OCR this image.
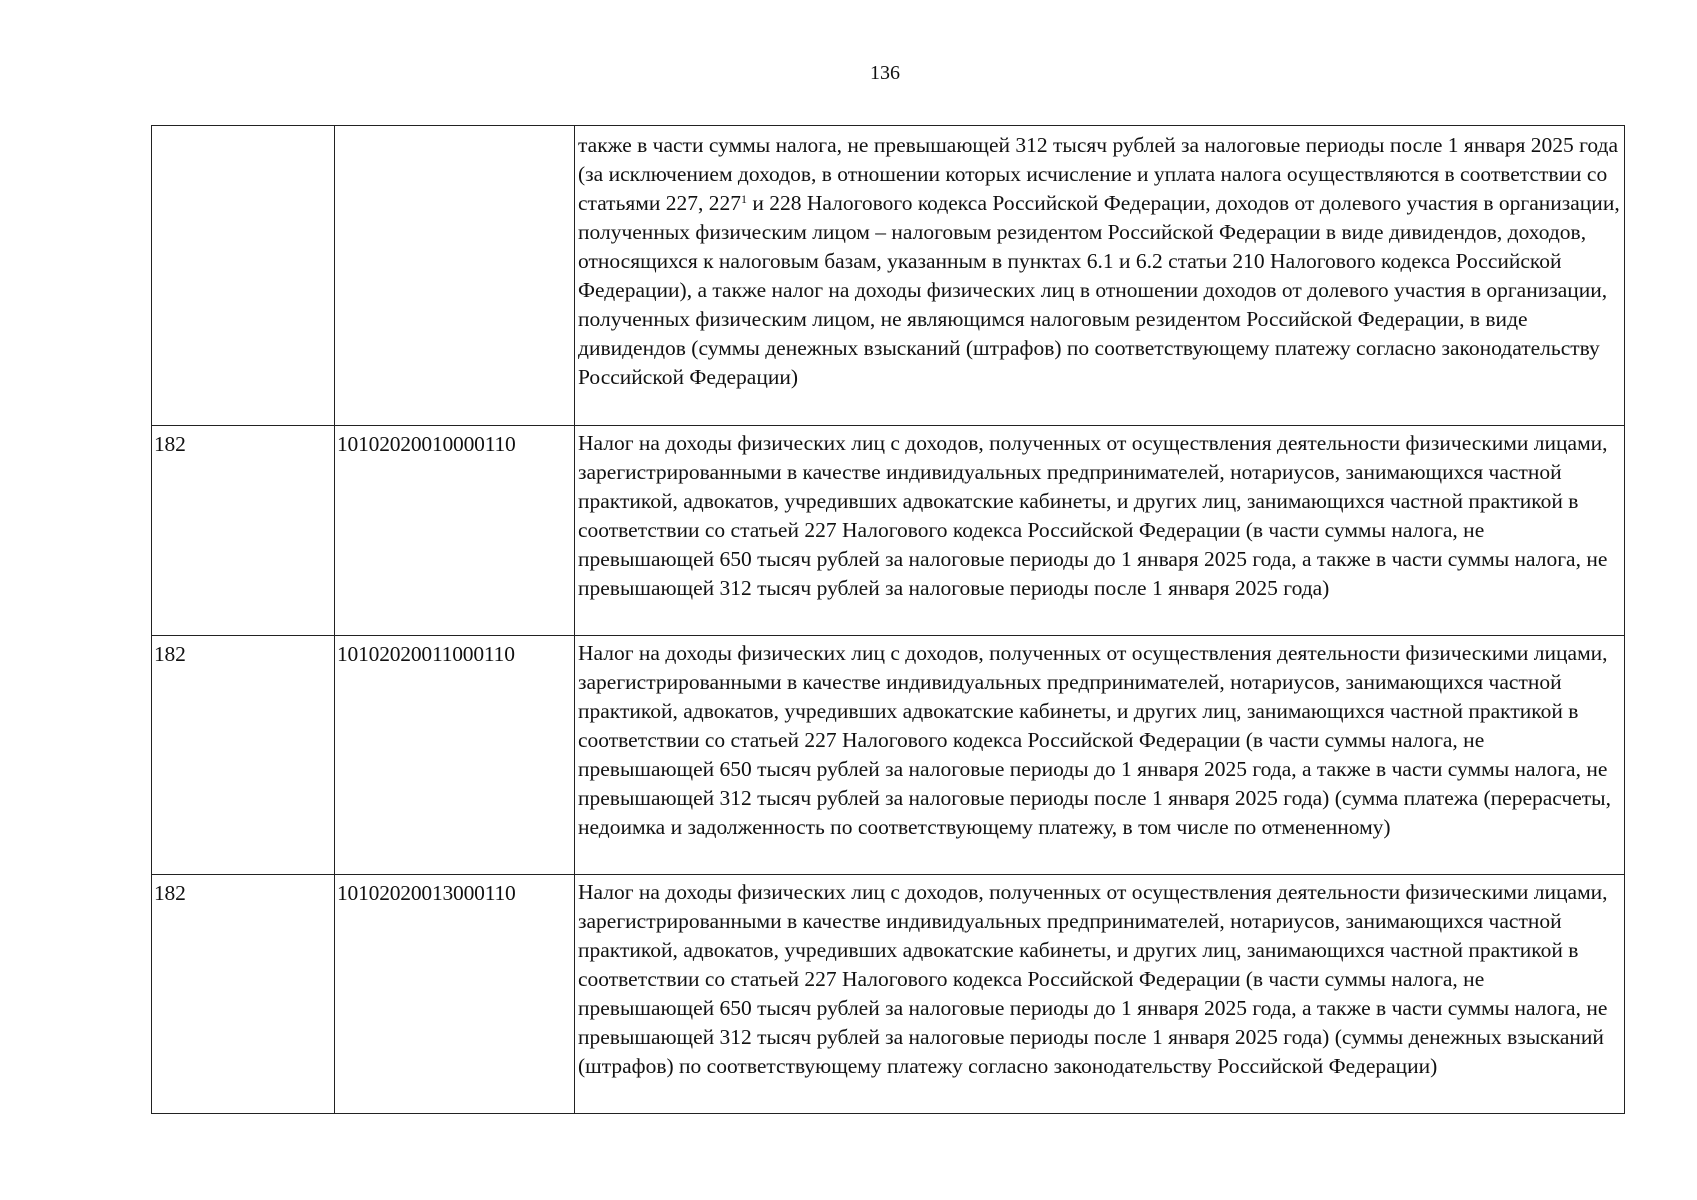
136

		также в части суммы налога, не превышающей 312 тысяч рублей за налоговые периоды после 1 января 2025 года (за исключением доходов, в отношении которых исчисление и уплата налога осуществляются в соответствии со статьями 227, $227^1$ и 228 Налогового кодекса Российской Федерации, доходов от долевого участия в организации, полученных физическим лицом – налоговым резидентом Российской Федерации в виде дивидендов, доходов, относящихся к налоговым базам, указанным в пунктах 6.1 и 6.2 статьи 210 Налогового кодекса Российской Федерации), а также налог на доходы физических лиц в отношении доходов от долевого участия в организации, полученных физическим лицом, не являющимся налоговым резидентом Российской Федерации, в виде дивидендов (суммы денежных взысканий (штрафов) по соответствующему платежу согласно законодательству Российской Федерации)

182	10102020010000110	Налог на доходы физических лиц с доходов, полученных от осуществления деятельности физическими лицами, зарегистрированными в качестве индивидуальных предпринимателей, нотариусов, занимающихся частной практикой, адвокатов, учредивших адвокатские кабинеты, и других лиц, занимающихся частной практикой в соответствии со статьей 227 Налогового кодекса Российской Федерации (в части суммы налога, не превышающей 650 тысяч рублей за налоговые периоды до 1 января 2025 года, а также в части суммы налога, не превышающей 312 тысяч рублей за налоговые периоды после 1 января 2025 года)
182	10102020011000110	Налог на доходы физических лиц с доходов, полученных от осуществления деятельности физическими лицами, зарегистрированными в качестве индивидуальных предпринимателей, нотариусов, занимающихся частной практикой, адвокатов, учредивших адвокатские кабинеты, и других лиц, занимающихся частной практикой в соответствии со статьей 227 Налогового кодекса Российской Федерации (в части суммы налога, не превышающей 650 тысяч рублей за налоговые периоды до 1 января 2025 года, а также в части суммы налога, не превышающей 312 тысяч рублей за налоговые периоды после 1 января 2025 года) (сумма платежа (перерасчеты, недоимка и задолженность по соответствующему платежу, в том числе по отмененному)
182	10102020013000110	Налог на доходы физических лиц с доходов, полученных от осуществления деятельности физическими лицами, зарегистрированными в качестве индивидуальных предпринимателей, нотариусов, занимающихся частной практикой, адвокатов, учредивших адвокатские кабинеты, и других лиц, занимающихся частной практикой в соответствии со статьей 227 Налогового кодекса Российской Федерации (в части суммы налога, не превышающей 650 тысяч рублей за налоговые периоды до 1 января 2025 года, а также в части суммы налога, не превышающей 312 тысяч рублей за налоговые периоды после 1 января 2025 года) (суммы денежных взысканий (штрафов) по соответствующему платежу согласно законодательству Российской Федерации)
